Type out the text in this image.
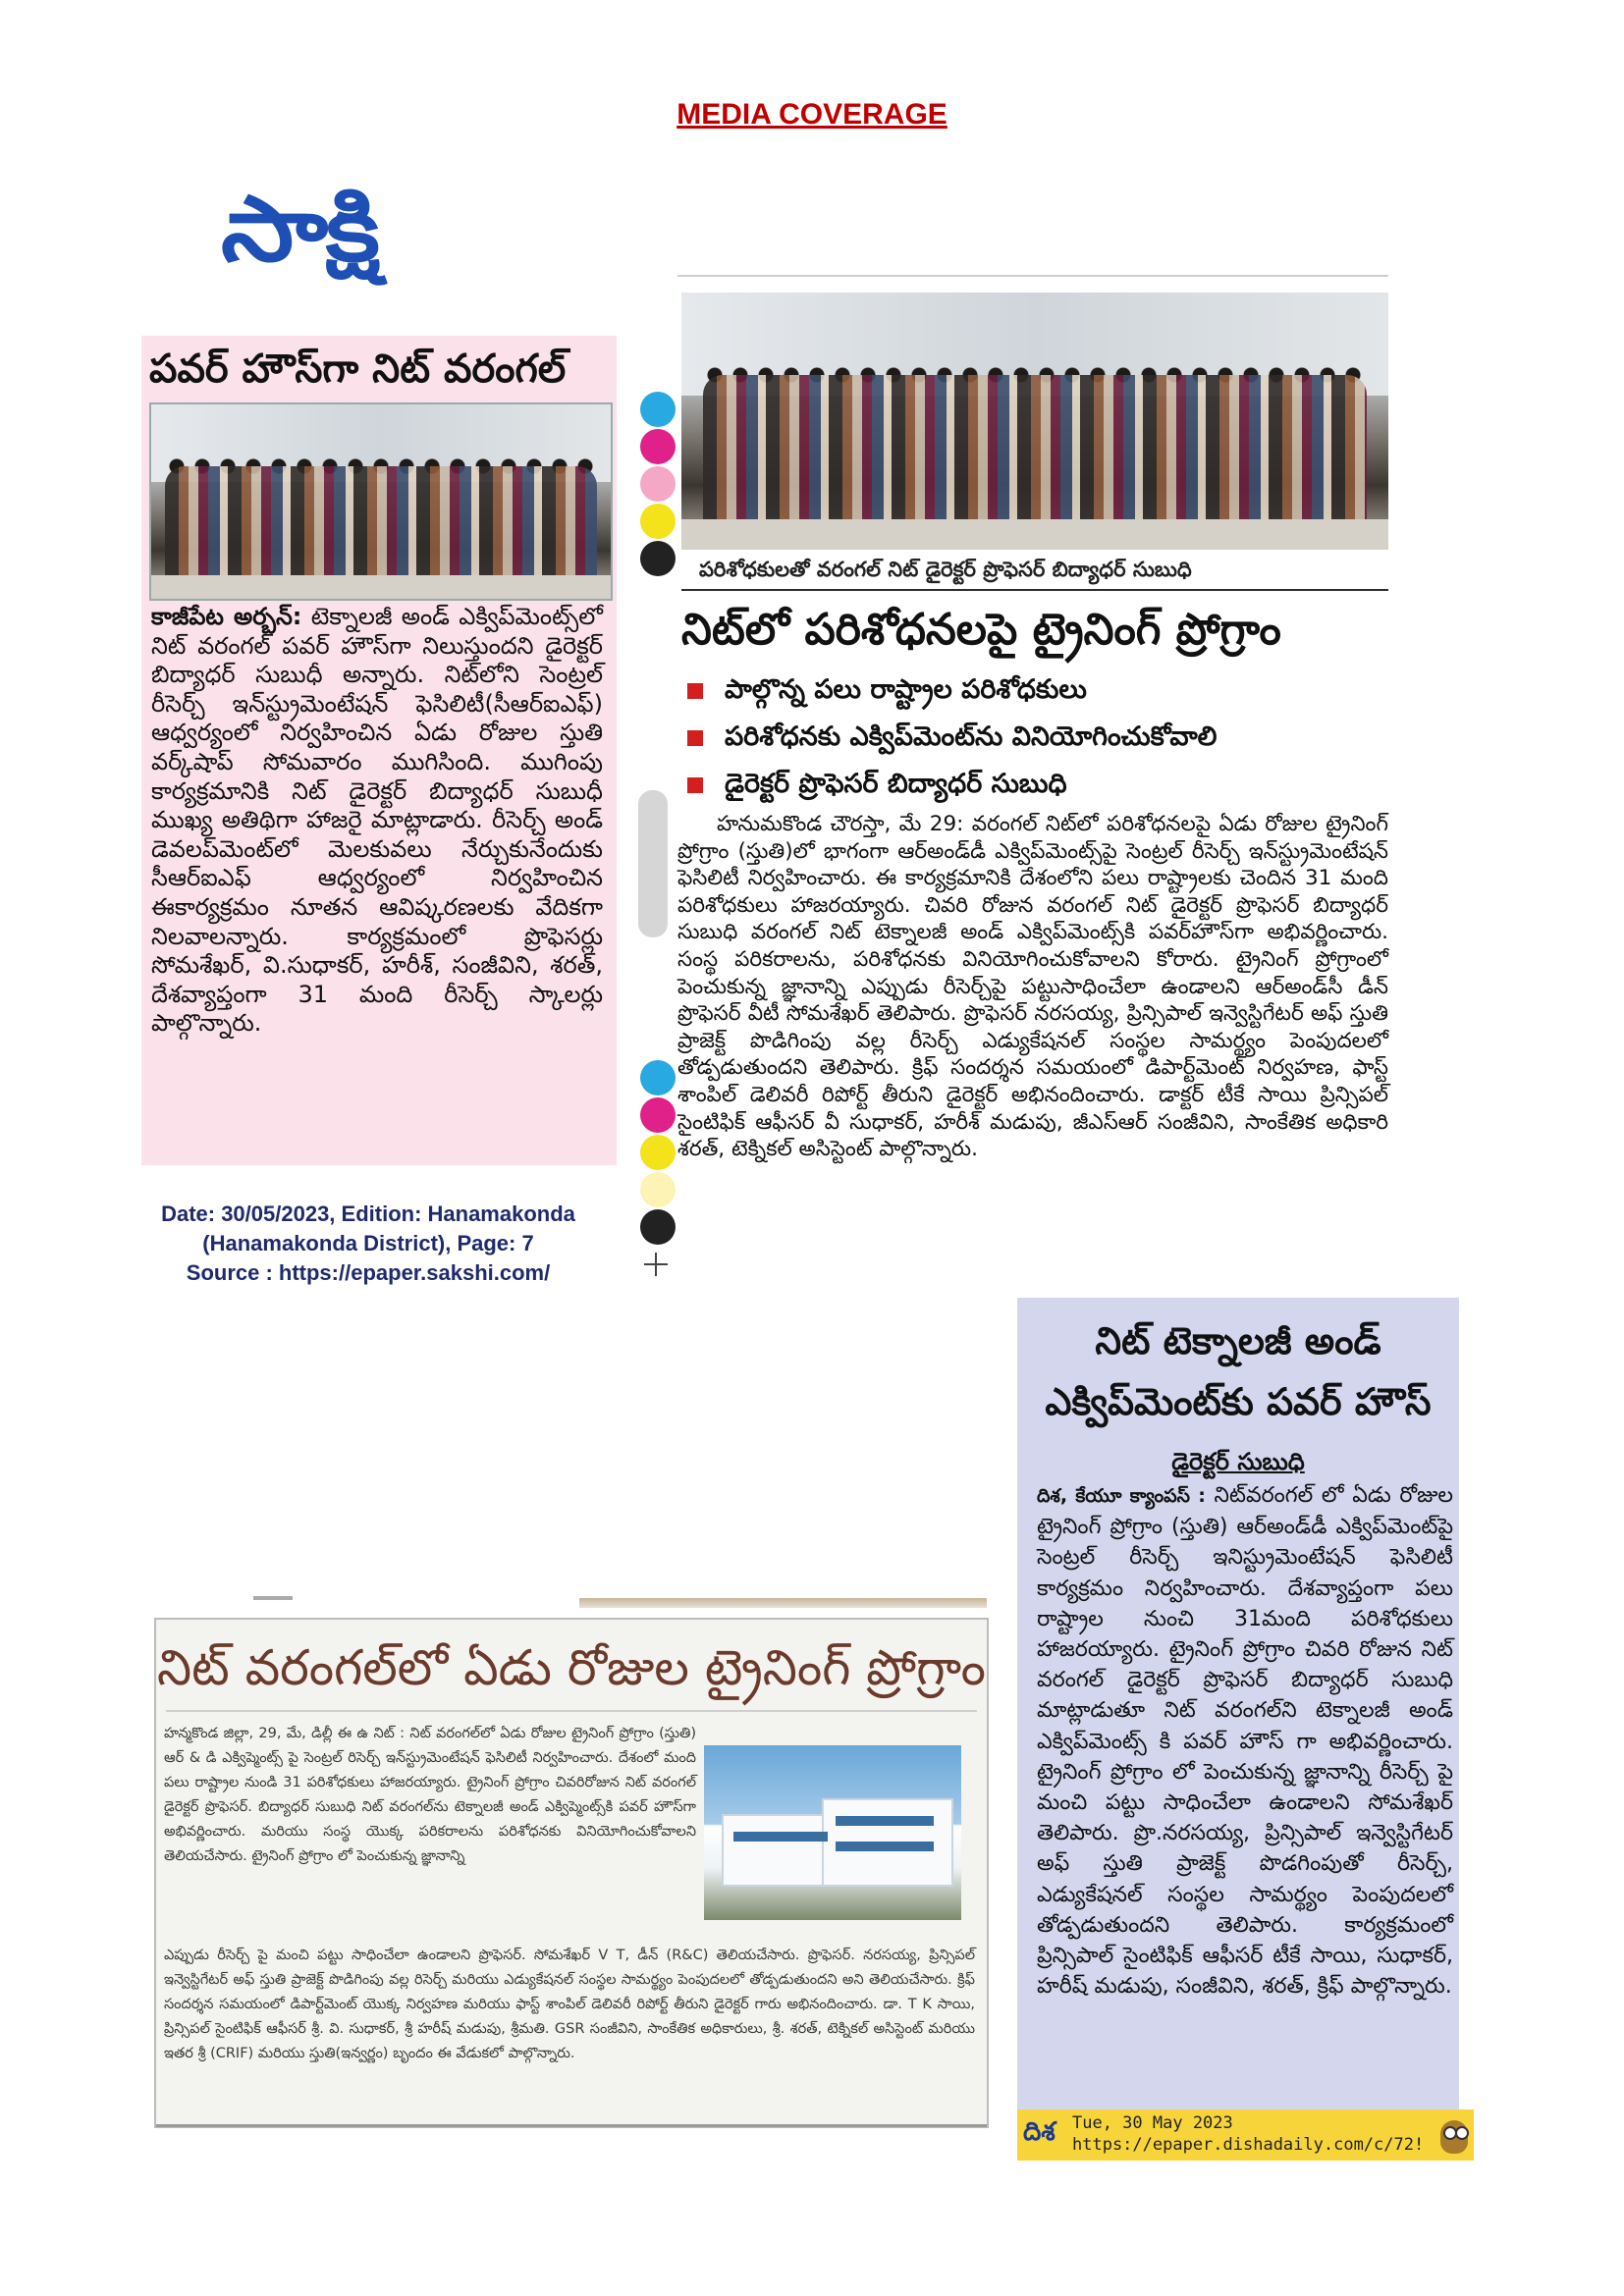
MEDIA COVERAGE
సాక్షి
పవర్ హౌస్‌గా నిట్ వరంగల్
కాజీపేట అర్బన్: టెక్నాలజీ అండ్ ఎక్విప్‌మెంట్స్‌లో నిట్ వరంగల్ పవర్ హౌస్‌గా నిలుస్తుందని డైరెక్టర్ బిద్యాధర్ సుబుధీ అన్నారు. నిట్‌లోని సెంట్రల్ రీసెర్చ్ ఇన్‌స్ట్రుమెంటేషన్ ఫెసిలిటీ(సీఆర్ఐఎఫ్) ఆధ్వర్యంలో నిర్వహించిన ఏడు రోజుల స్తుతి వర్క్‌షాప్ సోమవారం ముగిసింది. ముగింపు కార్యక్రమానికి నిట్ డైరెక్టర్ బిద్యాధర్ సుబుధీ ముఖ్య అతిథిగా హాజరై మాట్లాడారు. రీసెర్చ్ అండ్ డెవలప్‌మెంట్‌లో మెలకువలు నేర్చుకునేందుకు సీఆర్ఐఎఫ్ ఆధ్వర్యంలో నిర్వహించిన ఈకార్యక్రమం నూతన ఆవిష్కరణలకు వేదికగా నిలవాలన్నారు. కార్యక్రమంలో ప్రొఫెసర్లు సోమశేఖర్, వి.సుధాకర్, హరీశ్, సంజీవిని, శరత్, దేశవ్యాప్తంగా 31 మంది రీసెర్చ్ స్కాలర్లు పాల్గొన్నారు.
Date: 30/05/2023, Edition: Hanamakonda
(Hanamakonda District), Page: 7
Source : https://epaper.sakshi.com/
పరిశోధకులతో వరంగల్ నిట్ డైరెక్టర్ ప్రొఫెసర్ బిద్యాధర్ సుబుధి
నిట్‌లో పరిశోధనలపై ట్రైనింగ్ ప్రోగ్రాం
పాల్గొన్న పలు రాష్ట్రాల పరిశోధకులు
పరిశోధనకు ఎక్విప్‌మెంట్‌ను వినియోగించుకోవాలి
డైరెక్టర్ ప్రొఫెసర్ బిద్యాధర్ సుబుధి
హనుమకొండ చౌరస్తా, మే 29: వరంగల్ నిట్‌లో పరిశోధనలపై ఏడు రోజుల ట్రైనింగ్ ప్రోగ్రాం (స్తుతి)లో భాగంగా ఆర్అండ్‌డీ ఎక్విప్‌మెంట్స్‌పై సెంట్రల్ రీసెర్చ్ ఇన్‌స్ట్రుమెంటేషన్ ఫెసిలిటీ నిర్వహించారు. ఈ కార్యక్రమానికి దేశంలోని పలు రాష్ట్రాలకు చెందిన 31 మంది పరిశోధకులు హాజరయ్యారు. చివరి రోజున వరంగల్ నిట్ డైరెక్టర్ ప్రొఫెసర్ బిద్యాధర్ సుబుధి వరంగల్ నిట్ టెక్నాలజీ అండ్ ఎక్విప్‌మెంట్స్‌కి పవర్‌హౌస్‌గా అభివర్ణించారు. సంస్థ పరికరాలను, పరిశోధనకు వినియోగించుకోవాలని కోరారు. ట్రైనింగ్ ప్రోగ్రాంలో పెంచుకున్న జ్ఞానాన్ని ఎప్పుడు రీసెర్చ్‌పై పట్టుసాధించేలా ఉండాలని ఆర్అండ్‌సీ డీన్ ప్రొఫెసర్ వీటీ సోమశేఖర్ తెలిపారు. ప్రొఫెసర్ నరసయ్య, ప్రిన్సిపాల్ ఇన్వెస్టిగేటర్ అఫ్ స్తుతి ప్రాజెక్ట్ పొడిగింపు వల్ల రీసెర్చ్ ఎడ్యుకేషనల్ సంస్థల సామర్థ్యం పెంపుదలలో తోడ్పడుతుందని తెలిపారు. క్రిఫ్ సందర్శన సమయంలో డిపార్ట్‌మెంట్ నిర్వహణ, ఫాస్ట్ శాంపిల్ డెలివరీ రిపోర్ట్ తీరుని డైరెక్టర్ అభినందించారు. డాక్టర్ టీకే సాయి ప్రిన్సిపల్ సైంటిఫిక్ ఆఫీసర్ వీ సుధాకర్, హరీశ్ మడుపు, జీఎస్ఆర్ సంజీవిని, సాంకేతిక అధికారి శరత్, టెక్నికల్ అసిస్టెంట్ పాల్గొన్నారు.
నిట్ టెక్నాలజీ అండ్
ఎక్విప్‌మెంట్‌కు పవర్ హౌస్
డైరెక్టర్ సుబుధి
దిశ, కేయూ క్యాంపస్ : నిట్‌వరంగల్ లో ఏడు రోజుల ట్రైనింగ్ ప్రోగ్రాం (స్తుతి) ఆర్అండ్‌డీ ఎక్విప్‌మెంట్‌పై సెంట్రల్ రీసెర్చ్ ఇనిస్ట్రుమెంటేషన్ ఫెసిలిటీ కార్యక్రమం నిర్వహించారు. దేశవ్యాప్తంగా పలు రాష్ట్రాల నుంచి 31మంది పరిశోధకులు హాజరయ్యారు. ట్రైనింగ్ ప్రోగ్రాం చివరి రోజున నిట్ వరంగల్ డైరెక్టర్ ప్రొఫెసర్ బిద్యాధర్ సుబుధి మాట్లాడుతూ నిట్ వరంగల్‌ని టెక్నాలజీ అండ్ ఎక్విప్‌మెంట్స్ కి పవర్ హౌస్ గా అభివర్ణించారు. ట్రైనింగ్ ప్రోగ్రాం లో పెంచుకున్న జ్ఞానాన్ని రీసెర్చ్ పై మంచి పట్టు సాధించేలా ఉండాలని సోమశేఖర్ తెలిపారు. ప్రొ.నరసయ్య, ప్రిన్సిపాల్ ఇన్వెస్టిగేటర్ అఫ్ స్తుతి ప్రాజెక్ట్ పొడగింపుతో రీసెర్చ్, ఎడ్యుకేషనల్ సంస్థల సామర్థ్యం పెంపుదలలో తోడ్పడుతుందని తెలిపారు. కార్యక్రమంలో ప్రిన్సిపాల్ సైంటిఫిక్ ఆఫీసర్ టీకే సాయి, సుధాకర్, హరీష్ మడుపు, సంజీవిని, శరత్, క్రిఫ్ పాల్గొన్నారు.
దిశ Tue, 30 May 2023
https://epaper.dishadaily.com/c/72!
నిట్ వరంగల్‌లో ఏడు రోజుల ట్రైనింగ్ ప్రోగ్రాం
హన్మకొండ జిల్లా, 29, మే, డిల్లీ ఈ ఉ నిట్ : నిట్ వరంగల్‌లో ఏడు రోజుల ట్రైనింగ్ ప్రోగ్రాం (స్తుతి) ఆర్ & డి ఎక్విప్మెంట్స్ పై సెంట్రల్ రిసెర్చ్ ఇన్‌స్ట్రుమెంటేషన్ ఫెసిలిటీ నిర్వహించారు. దేశంలో మంది పలు రాష్ట్రాల నుండి 31 పరిశోధకులు హాజరయ్యారు. ట్రైనింగ్ ప్రోగ్రాం చివరిరోజున నిట్ వరంగల్ డైరెక్టర్ ప్రొఫెసర్. బిద్యాధర్ సుబుధి నిట్ వరంగల్‌ను టెక్నాలజీ అండ్ ఎక్విప్మెంట్స్‌కి పవర్ హౌస్‌గా అభివర్ణించారు. మరియు సంస్థ యొక్క పరికరాలను పరిశోధనకు వినియోగించుకోవాలని తెలియచేసారు. ట్రైనింగ్ ప్రోగ్రాం లో పెంచుకున్న జ్ఞానాన్ని
ఎప్పుడు రీసెర్చ్ పై మంచి పట్టు సాధించేలా ఉండాలని ప్రొఫెసర్. సోమశేఖర్ V T, డీన్ (R&C) తెలియచేసారు. ప్రొఫెసర్. నరసయ్య, ప్రిన్సిపల్ ఇన్వెస్టిగేటర్ అఫ్ స్తుతి ప్రాజెక్ట్ పొడిగింపు వల్ల రిసెర్చ్ మరియు ఎడ్యుకేషనల్ సంస్థల సామర్థ్యం పెంపుదలలో తోడ్పడుతుందని అని తెలియచేసారు. క్రిఫ్ సందర్శన సమయంలో డిపార్ట్‌మెంట్ యొక్క నిర్వహణ మరియు ఫాస్ట్ శాంపిల్ డెలివరీ రిపోర్ట్ తీరుని డైరెక్టర్ గారు అభినందించారు. డా. T K సాయి, ప్రిన్సిపల్ సైంటిఫిక్ ఆఫీసర్ శ్రీ. వి. సుధాకర్, శ్రీ హరీష్ మడుపు, శ్రీమతి. GSR సంజీవిని, సాంకేతిక అధికారులు, శ్రీ. శరత్, టెక్నికల్ అసిస్టెంట్ మరియు ఇతర శ్రీ (CRIF) మరియు స్తుతి(ఇన్వర్ణం) బృందం ఈ వేడుకలో పాల్గొన్నారు.
